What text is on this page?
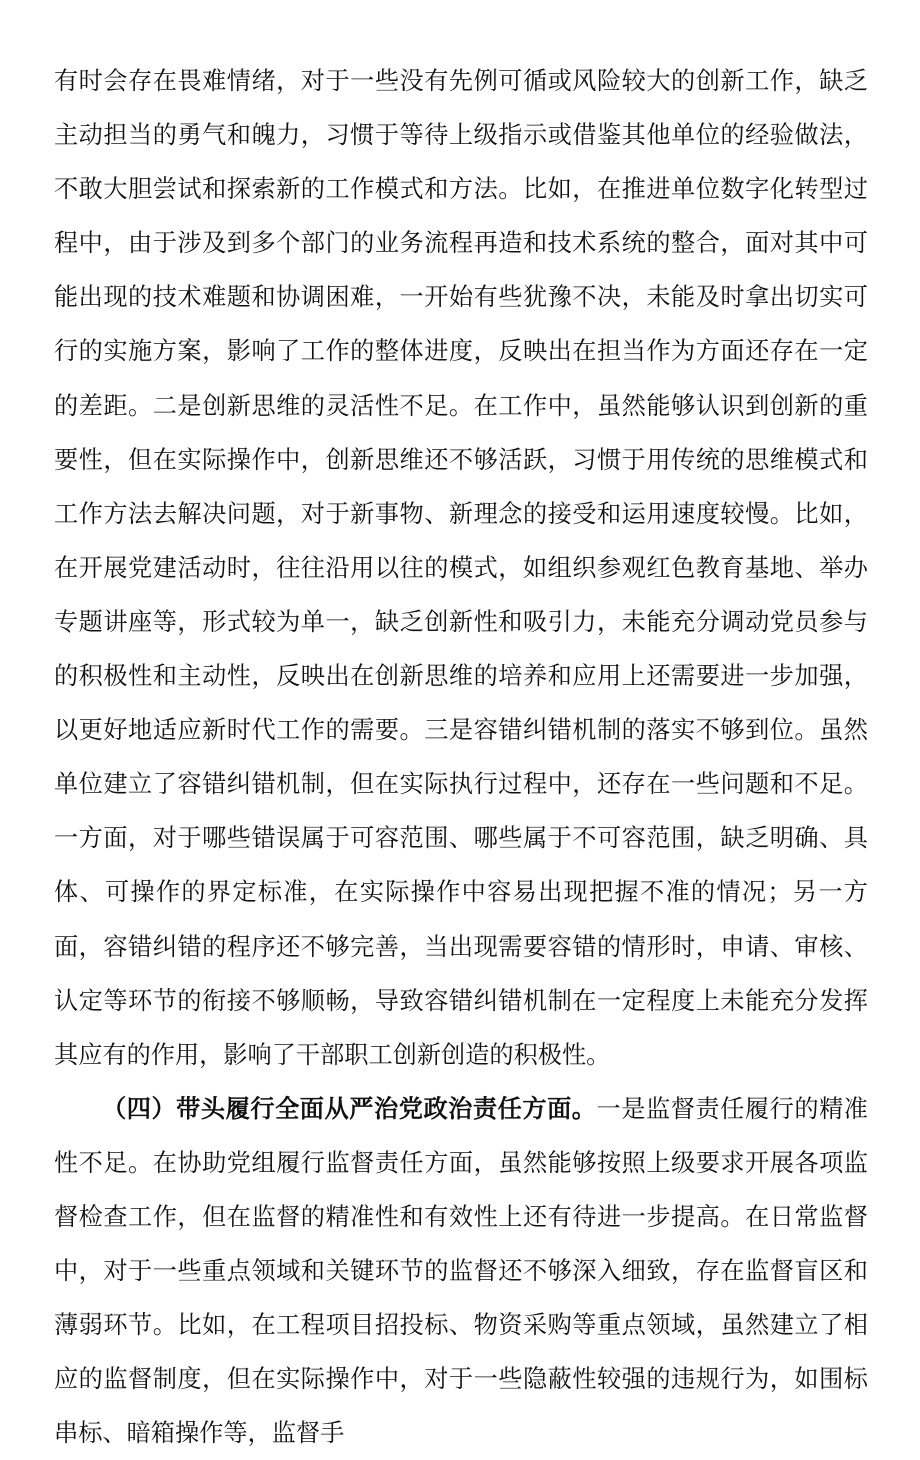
有时会存在畏难情绪，对于一些没有先例可循或风险较大的创新工作，缺乏主动担当的勇气和魄力，习惯于等待上级指示或借鉴其他单位的经验做法，不敢大胆尝试和探索新的工作模式和方法。比如，在推进单位数字化转型过程中，由于涉及到多个部门的业务流程再造和技术系统的整合，面对其中可能出现的技术难题和协调困难，一开始有些犹豫不决，未能及时拿出切实可行的实施方案，影响了工作的整体进度，反映出在担当作为方面还存在一定的差距。二是创新思维的灵活性不足。在工作中，虽然能够认识到创新的重要性，但在实际操作中，创新思维还不够活跃，习惯于用传统的思维模式和工作方法去解决问题，对于新事物、新理念的接受和运用速度较慢。比如，在开展党建活动时，往往沿用以往的模式，如组织参观红色教育基地、举办专题讲座等，形式较为单一，缺乏创新性和吸引力，未能充分调动党员参与的积极性和主动性，反映出在创新思维的培养和应用上还需要进一步加强，以更好地适应新时代工作的需要。三是容错纠错机制的落实不够到位。虽然单位建立了容错纠错机制，但在实际执行过程中，还存在一些问题和不足。一方面，对于哪些错误属于可容范围、哪些属于不可容范围，缺乏明确、具体、可操作的界定标准，在实际操作中容易出现把握不准的情况；另一方面，容错纠错的程序还不够完善，当出现需要容错的情形时，申请、审核、认定等环节的衔接不够顺畅，导致容错纠错机制在一定程度上未能充分发挥其应有的作用，影响了干部职工创新创造的积极性。

（四）带头履行全面从严治党政治责任方面。一是监督责任履行的精准性不足。在协助党组履行监督责任方面，虽然能够按照上级要求开展各项监督检查工作，但在监督的精准性和有效性上还有待进一步提高。在日常监督中，对于一些重点领域和关键环节的监督还不够深入细致，存在监督盲区和薄弱环节。比如，在工程项目招投标、物资采购等重点领域，虽然建立了相应的监督制度，但在实际操作中，对于一些隐蔽性较强的违规行为，如围标串标、暗箱操作等，监督手
